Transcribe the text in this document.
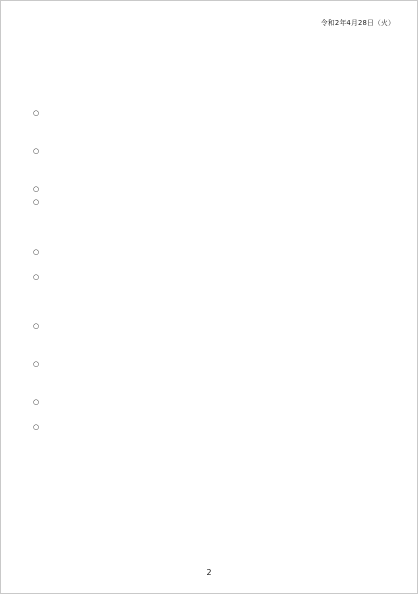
令和2年4月28日（火）

○
○
○
○
○
○
○
○
○
○

2
